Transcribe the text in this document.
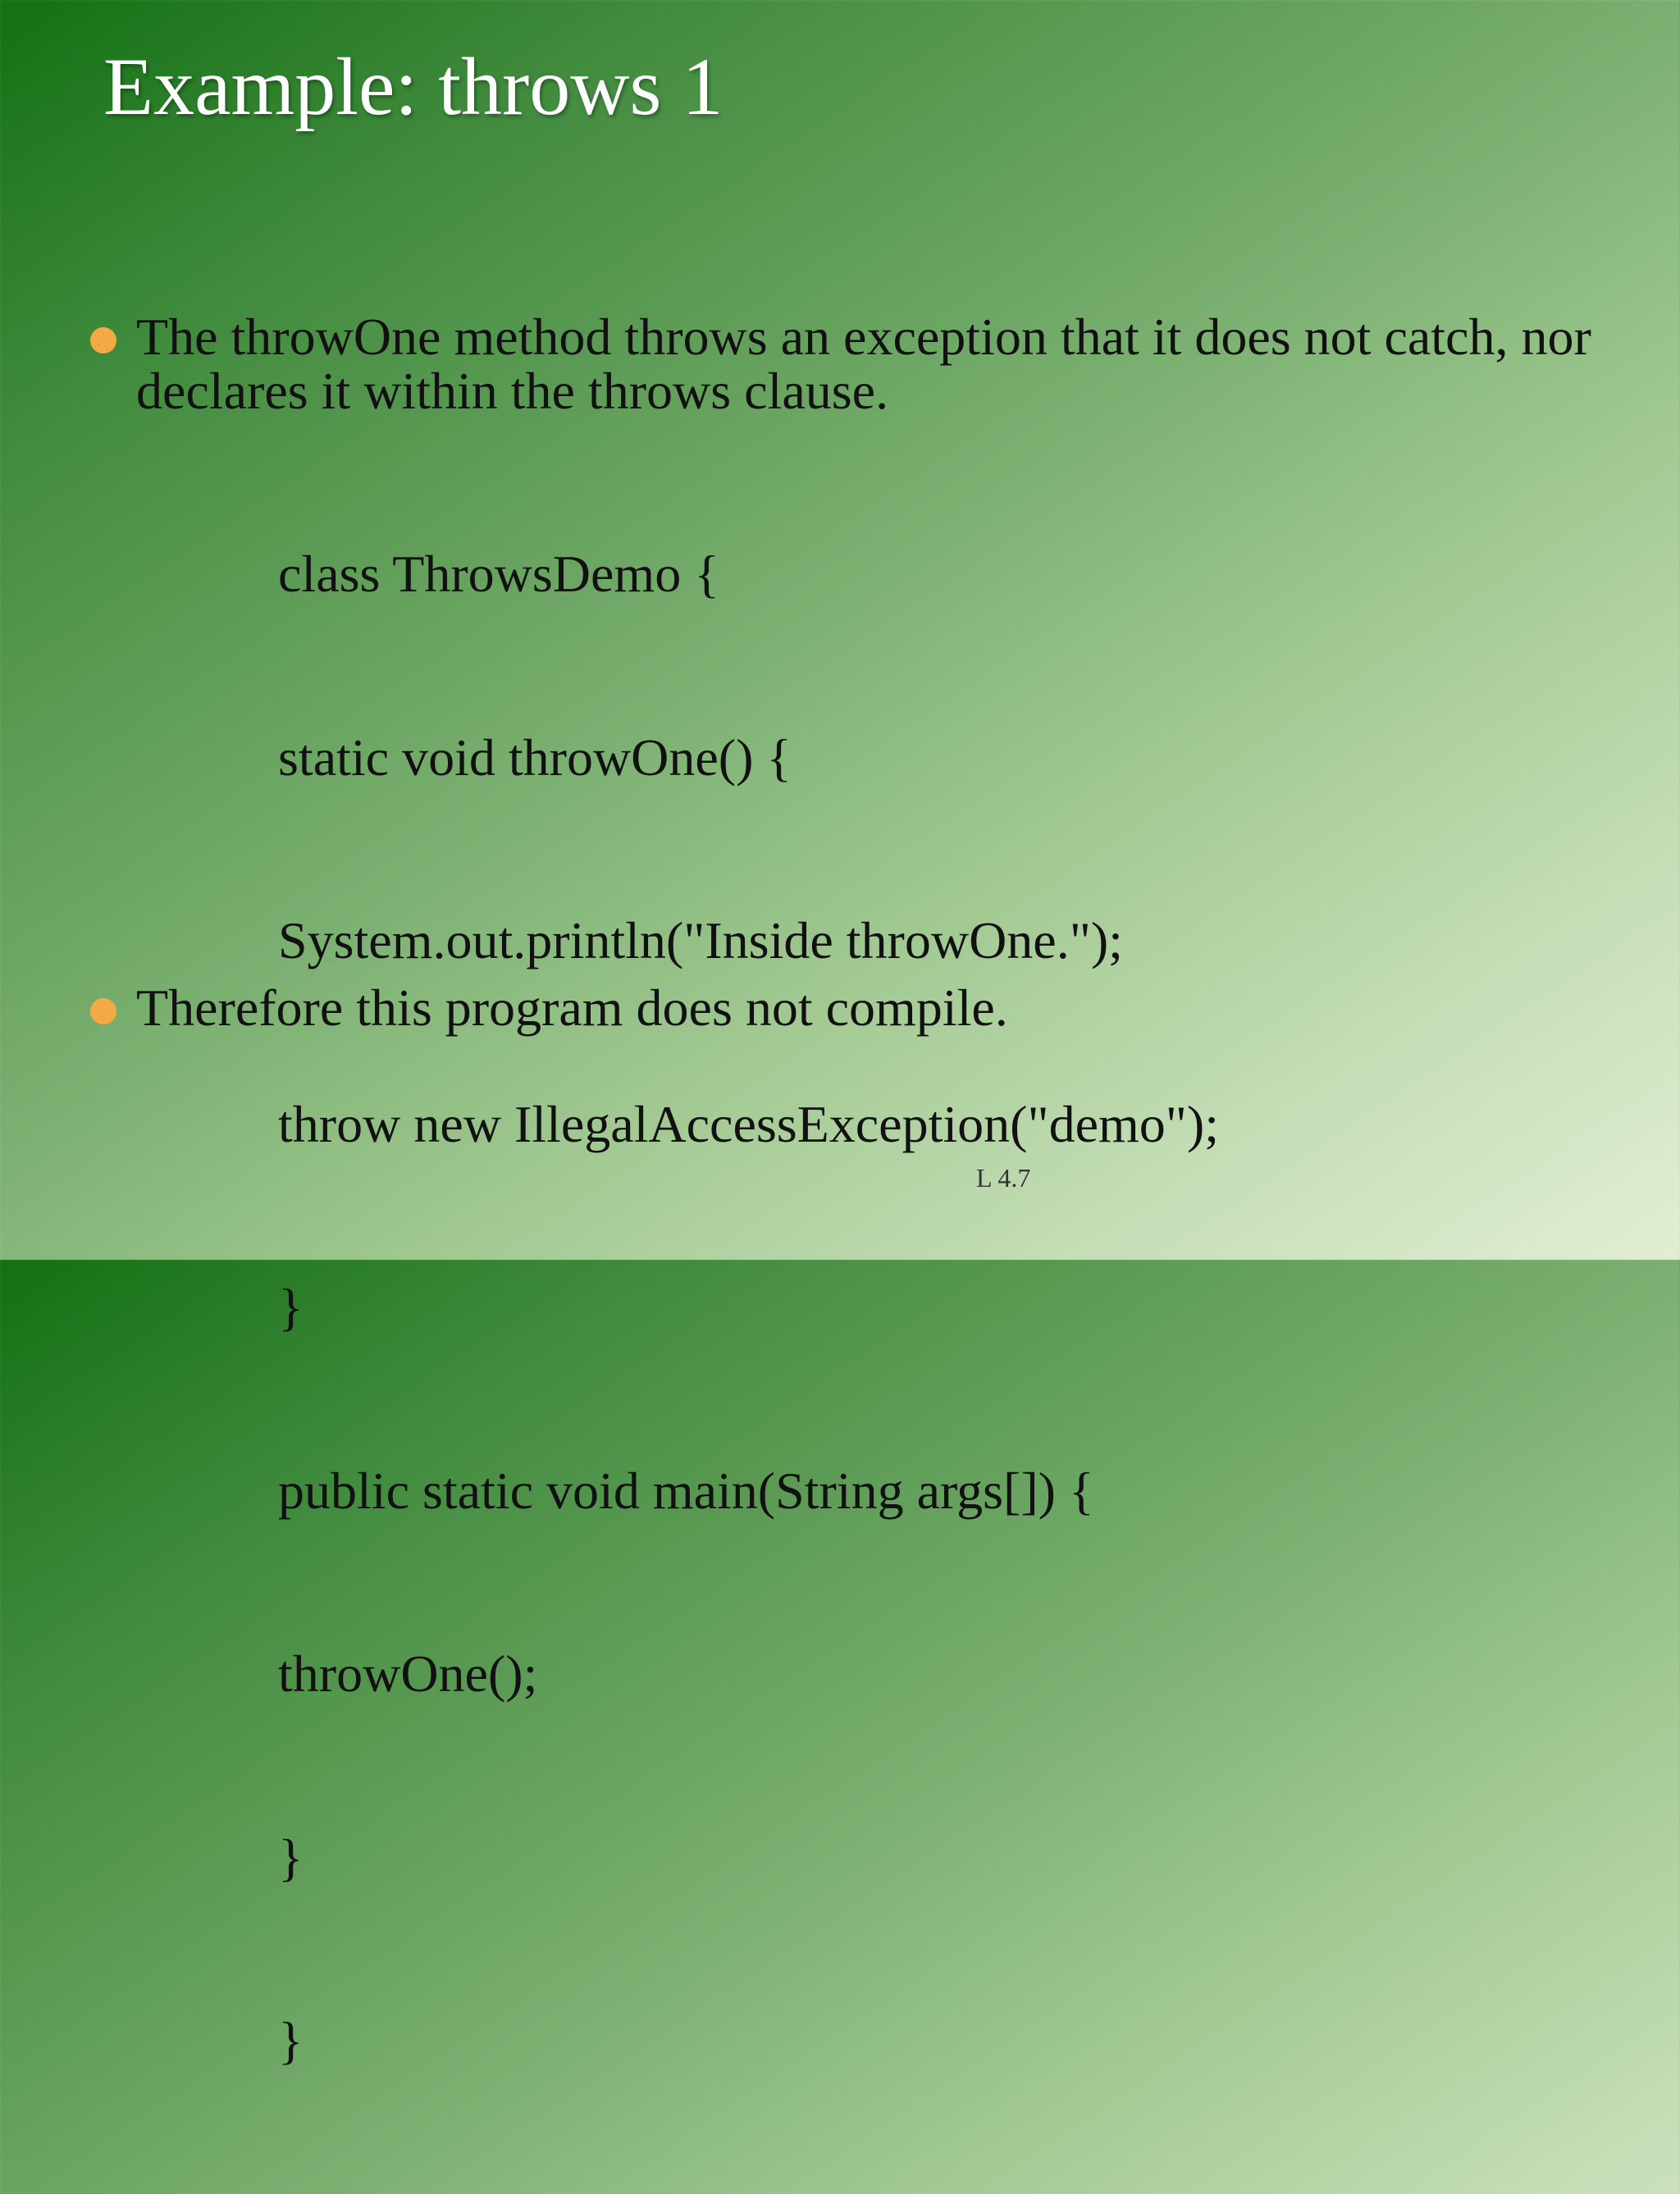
Example: throws 1
The throwOne method throws an exception that it does not catch, nor declares it within the throws clause.

class ThrowsDemo {

static void throwOne() {

System.out.println("Inside throwOne.");

throw new IllegalAccessException("demo");

}

public static void main(String args[]) {

throwOne();

}

}

Therefore this program does not compile.
L 4.7
